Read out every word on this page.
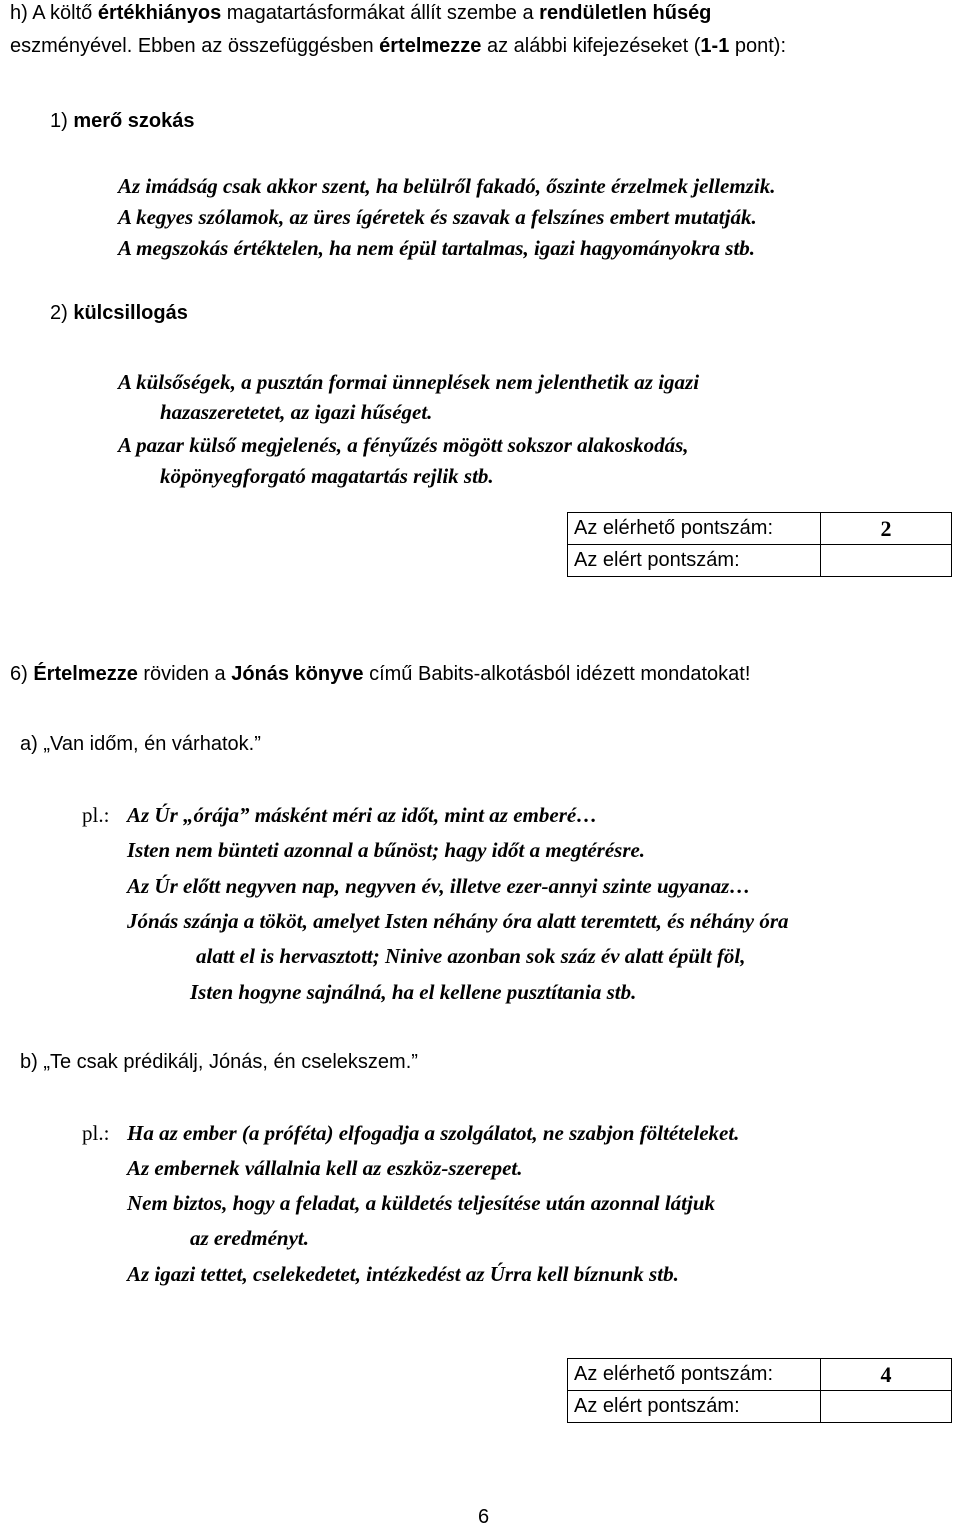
h) A költő értékhiányos magatartásformákat állít szembe a rendületlen hűség
eszményével. Ebben az összefüggésben értelmezze az alábbi kifejezéseket (1-1 pont):
1) merő szokás
Az imádság csak akkor szent, ha belülről fakadó, őszinte érzelmek jellemzik.
A kegyes szólamok, az üres ígéretek és szavak a felszínes embert mutatják.
A megszokás értéktelen, ha nem épül tartalmas, igazi hagyományokra stb.
2) külcsillogás
A külsőségek, a pusztán formai ünneplések nem jelenthetik az igazi
hazaszeretetet, az igazi hűséget.
A pazar külső megjelenés, a fényűzés mögött sokszor alakoskodás,
köpönyegforgató magatartás rejlik stb.
Az elérhető pontszám:	2
Az elért pontszám:	
6) Értelmezze röviden a Jónás könyve című Babits-alkotásból idézett mondatokat!
a) „Van időm, én várhatok.”
pl.: Az Úr „órája” másként méri az időt, mint az emberé…
Isten nem bünteti azonnal a bűnöst; hagy időt a megtérésre.
Az Úr előtt negyven nap, negyven év, illetve ezer-annyi szinte ugyanaz…
Jónás szánja a tököt, amelyet Isten néhány óra alatt teremtett, és néhány óra
alatt el is hervasztott; Ninive azonban sok száz év alatt épült föl,
Isten hogyne sajnálná, ha el kellene pusztítania stb.
b) „Te csak prédikálj, Jónás, én cselekszem.”
pl.: Ha az ember (a próféta) elfogadja a szolgálatot, ne szabjon föltételeket.
Az embernek vállalnia kell az eszköz-szerepet.
Nem biztos, hogy a feladat, a küldetés teljesítése után azonnal látjuk
az eredményt.
Az igazi tettet, cselekedetet, intézkedést az Úrra kell bíznunk stb.
Az elérhető pontszám:	4
Az elért pontszám:	
6
